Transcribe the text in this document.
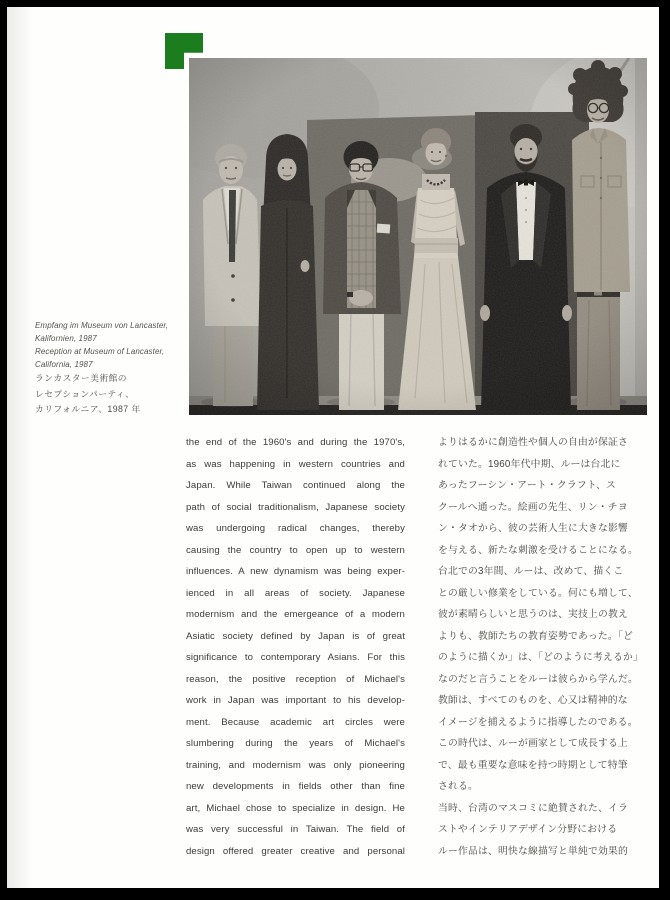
Empfang im Museum von Lancaster,
Kalifornien, 1987
Reception at Museum of Lancaster,
California, 1987
ランカスター美術館の
レセプションパーティ、
カリフォルニア、1987 年
the end of the 1960's and during the 1970's,
as was happening in western countries and
Japan. While Taiwan continued along the
path of social traditionalism, Japanese society
was undergoing radical changes, thereby
causing the country to open up to western
influences. A new dynamism was being exper-
ienced in all areas of society. Japanese
modernism and the emergeance of a modern
Asiatic society defined by Japan is of great
significance to contemporary Asians. For this
reason, the positive reception of Michael's
work in Japan was important to his develop-
ment. Because academic art circles were
slumbering during the years of Michael's
training, and modernism was only pioneering
new developments in fields other than fine
art, Michael chose to specialize in design. He
was very successful in Taiwan. The field of
design offered greater creative and personal
よりはるかに創造性や個人の自由が保証さ
れていた。1960年代中期、ルーは台北に
あったフーシン・アート・クラフト、ス
クールへ通った。絵画の先生、リン・チヨ
ン・タオから、彼の芸術人生に大きな影響
を与える、新たな刺激を受けることになる。
台北での3年間、ルーは、改めて、描くこ
との厳しい修業をしている。何にも増して、
彼が素晴らしいと思うのは、実技上の教え
よりも、教師たちの教育姿勢であった。「ど
のように描くか」は、「どのように考えるか」
なのだと言うことをルーは彼らから学んだ。
教師は、すべてのものを、心又は精神的な
イメージを捕えるように指導したのである。
この時代は、ルーが画家として成長する上
で、最も重要な意味を持つ時期として特筆
される。
当時、台湾のマスコミに絶賛された、イラ
ストやインテリアデザイン分野における
ルー作品は、明快な線描写と単純で効果的
